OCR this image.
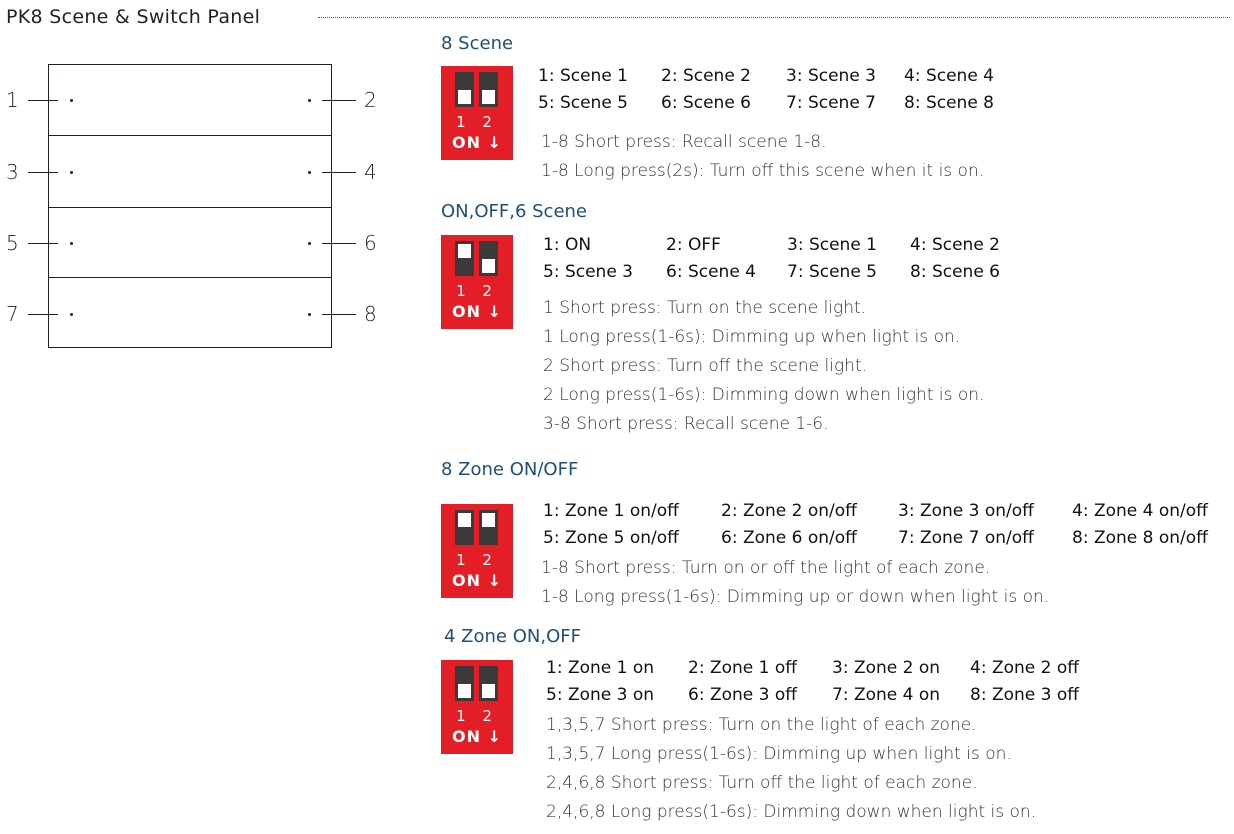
PK8 Scene & Switch Panel
1	2
3	4
5	6
7	8
8 Scene
1 2
ON ↓
1: Scene 1 2: Scene 2 3: Scene 3 4: Scene 4
5: Scene 5 6: Scene 6 7: Scene 7 8: Scene 8
1-8 Short press: Recall scene 1-8.
1-8 Long press(2s): Turn off this scene when it is on.
ON,OFF,6 Scene
1 2
ON ↓
1: ON	2: OFF	3: Scene 1 4: Scene 2
5: Scene 3 6: Scene 4 7: Scene 5 8: Scene 6
1 Short press: Turn on the scene light.
1 Long press(1-6s): Dimming up when light is on.
2 Short press: Turn off the scene light.
2 Long press(1-6s): Dimming down when light is on.
3-8 Short press: Recall scene 1-6.
8 Zone ON/OFF
1 2
ON ↓
1: Zone 1 on/off 2: Zone 2 on/off 3: Zone 3 on/off 4: Zone 4 on/off
5: Zone 5 on/off 6: Zone 6 on/off 7: Zone 7 on/off 8: Zone 8 on/off
1-8 Short press: Turn on or off the light of each zone.
1-8 Long press(1-6s): Dimming up or down when light is on.
4 Zone ON,OFF
1 2
ON ↓
1: Zone 1 on 2: Zone 1 off 3: Zone 2 on 4: Zone 2 off
5: Zone 3 on 6: Zone 3 off 7: Zone 4 on 8: Zone 3 off
1,3,5,7 Short press: Turn on the light of each zone.
1,3,5,7 Long press(1-6s): Dimming up when light is on.
2,4,6,8 Short press: Turn off the light of each zone.
2,4,6,8 Long press(1-6s): Dimming down when light is on.
